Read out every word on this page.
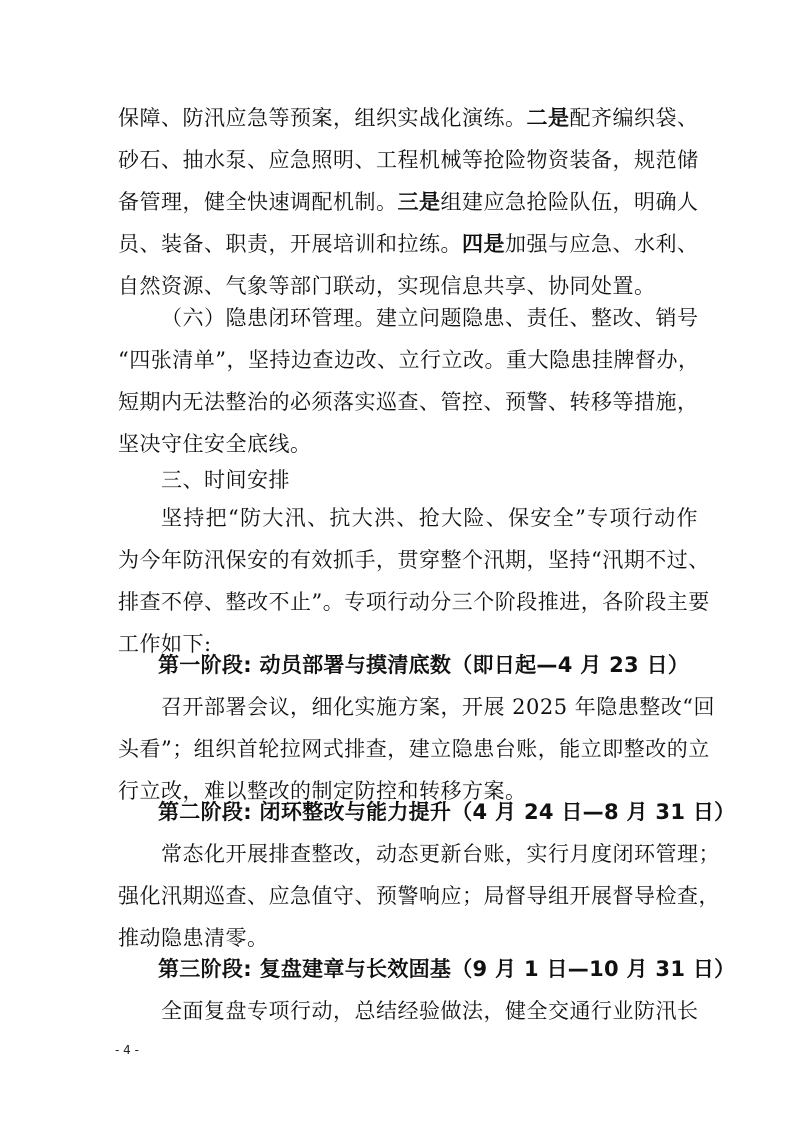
保障、防汛应急等预案，组织实战化演练。二是配齐编织袋、
砂石、抽水泵、应急照明、工程机械等抢险物资装备，规范储
备管理，健全快速调配机制。三是组建应急抢险队伍，明确人
员、装备、职责，开展培训和拉练。四是加强与应急、水利、
自然资源、气象等部门联动，实现信息共享、协同处置。
（六）隐患闭环管理。建立问题隐患、责任、整改、销号
“四张清单”，坚持边查边改、立行立改。重大隐患挂牌督办，
短期内无法整治的必须落实巡查、管控、预警、转移等措施，
坚决守住安全底线。
三、时间安排
坚持把“防大汛、抗大洪、抢大险、保安全”专项行动作
为今年防汛保安的有效抓手，贯穿整个汛期，坚持“汛期不过、
排查不停、整改不止”。专项行动分三个阶段推进，各阶段主要
工作如下:
第一阶段: 动员部署与摸清底数（即日起—4 月 23 日）
召开部署会议，细化实施方案，开展 2025 年隐患整改“回
头看”；组织首轮拉网式排查，建立隐患台账，能立即整改的立
行立改，难以整改的制定防控和转移方案。
第二阶段: 闭环整改与能力提升（4 月 24 日—8 月 31 日）
常态化开展排查整改，动态更新台账，实行月度闭环管理；
强化汛期巡查、应急值守、预警响应；局督导组开展督导检查，
推动隐患清零。
第三阶段: 复盘建章与长效固基（9 月 1 日—10 月 31 日）
全面复盘专项行动，总结经验做法，健全交通行业防汛长
- 4 -
